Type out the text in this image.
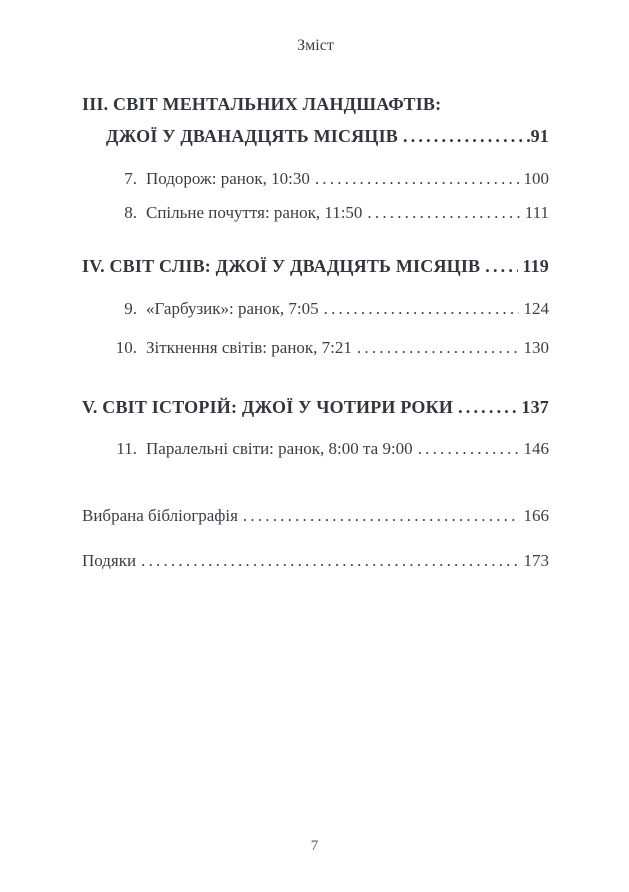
Зміст
III. СВІТ МЕНТАЛЬНИХ ЛАНДШАФТІВ:
ДЖОЇ У ДВАНАДЦЯТЬ МІСЯЦІВ .....	91
7. Подорож: ранок, 10:30 .....	100
8. Спільне почуття: ранок, 11:50 .....	111
IV. СВІТ СЛІВ: ДЖОЇ У ДВАДЦЯТЬ МІСЯЦІВ ..... 119
9. «Гарбузик»: ранок, 7:05 .....	124
10. Зіткнення світів: ранок, 7:21 .....	130
V. СВІТ ІСТОРІЙ: ДЖОЇ У ЧОТИРИ РОКИ .....	137
11. Паралельні світи: ранок, 8:00 та 9:00 .....	146
Вибрана бібліографія .....	166
Подяки .....	173
7
